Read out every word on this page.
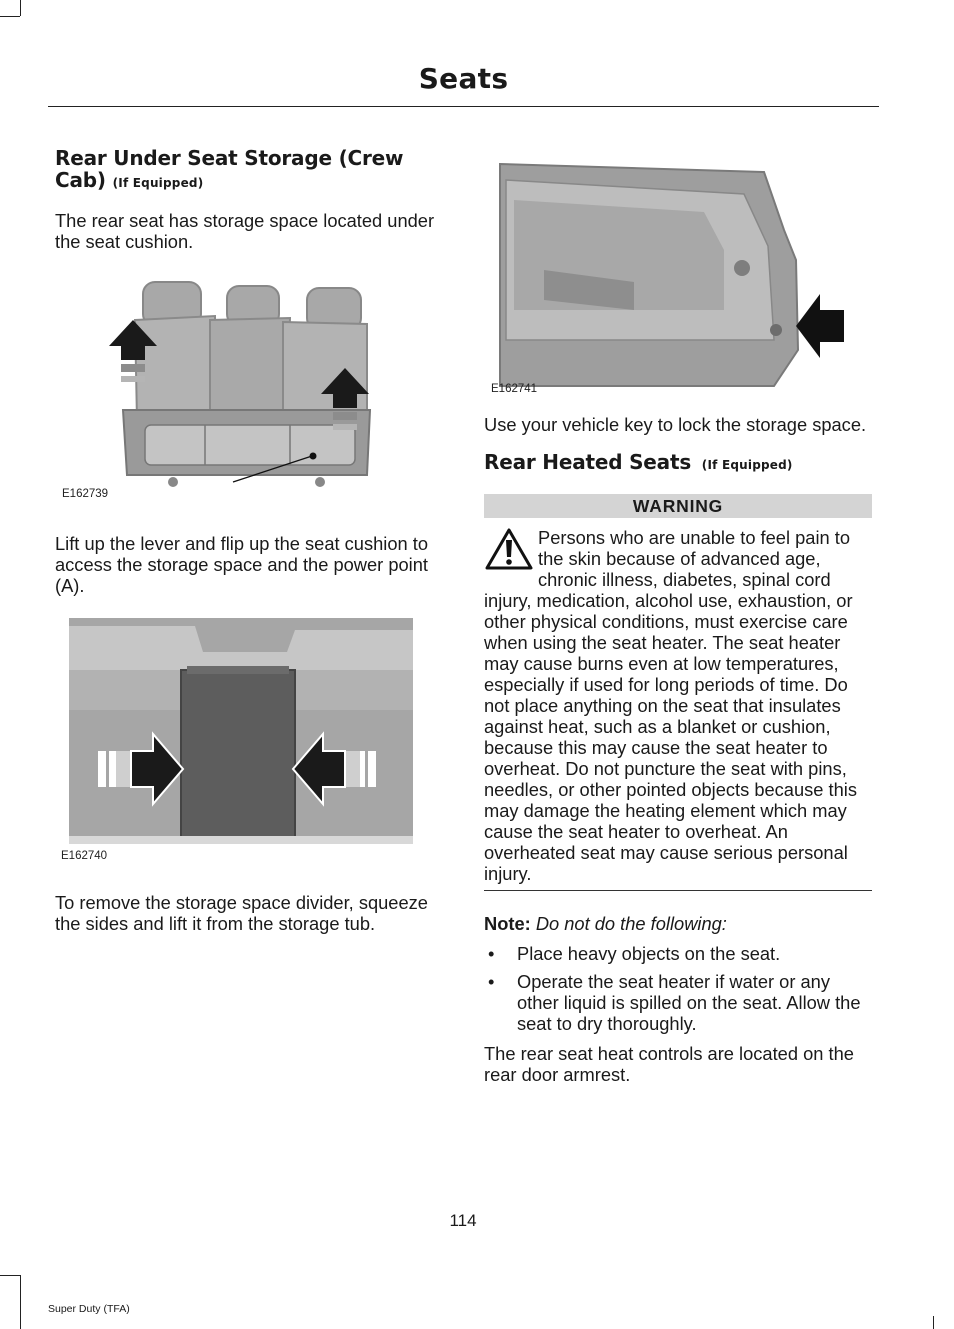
Seats
Rear Under Seat Storage (Crew Cab) (If Equipped)

The rear seat has storage space located under the seat cushion.

E162739

Lift up the lever and flip up the seat cushion to access the storage space and the power point (A).

E162740

To remove the storage space divider, squeeze the sides and lift it from the storage tub.

E162741

Use your vehicle key to lock the storage space.

Rear Heated Seats (If Equipped)
WARNING
Persons who are unable to feel pain to the skin because of advanced age, chronic illness, diabetes, spinal cord injury, medication, alcohol use, exhaustion, or other physical conditions, must exercise care when using the seat heater. The seat heater may cause burns even at low temperatures, especially if used for long periods of time. Do not place anything on the seat that insulates against heat, such as a blanket or cushion, because this may cause the seat heater to overheat. Do not puncture the seat with pins, needles, or other pointed objects because this may damage the heating element which may cause the seat heater to overheat. An overheated seat may cause serious personal injury.

Note: Do not do the following:

• Place heavy objects on the seat.
• Operate the seat heater if water or any other liquid is spilled on the seat. Allow the seat to dry thoroughly.

The rear seat heat controls are located on the rear door armrest.

114
Super Duty (TFA)
